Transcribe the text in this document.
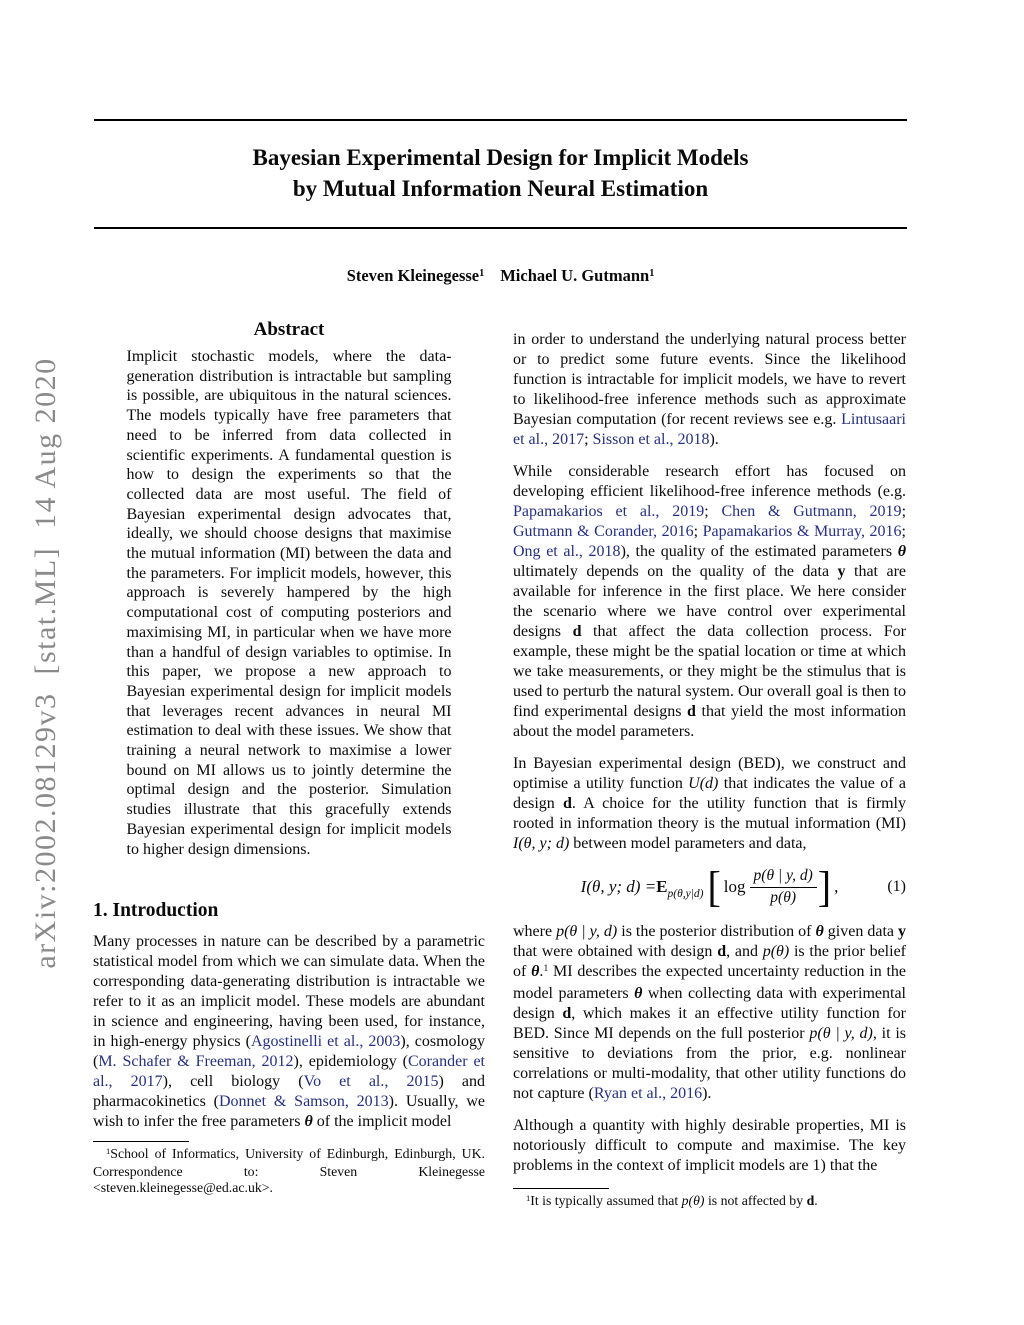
arXiv:2002.08129v3  [stat.ML]  14 Aug 2020
Bayesian Experimental Design for Implicit Models
by Mutual Information Neural Estimation
Steven Kleinegesse$^1$ Michael U. Gutmann$^1$
Abstract
Implicit stochastic models, where the data-generation distribution is intractable but sampling is possible, are ubiquitous in the natural sciences. The models typically have free parameters that need to be inferred from data collected in scientific experiments. A fundamental question is how to design the experiments so that the collected data are most useful. The field of Bayesian experimental design advocates that, ideally, we should choose designs that maximise the mutual information (MI) between the data and the parameters. For implicit models, however, this approach is severely hampered by the high computational cost of computing posteriors and maximising MI, in particular when we have more than a handful of design variables to optimise. In this paper, we propose a new approach to Bayesian experimental design for implicit models that leverages recent advances in neural MI estimation to deal with these issues. We show that training a neural network to maximise a lower bound on MI allows us to jointly determine the optimal design and the posterior. Simulation studies illustrate that this gracefully extends Bayesian experimental design for implicit models to higher design dimensions.
1. Introduction
Many processes in nature can be described by a parametric statistical model from which we can simulate data. When the corresponding data-generating distribution is intractable we refer to it as an implicit model. These models are abundant in science and engineering, having been used, for instance, in high-energy physics (Agostinelli et al., 2003), cosmology (M. Schafer & Freeman, 2012), epidemiology (Corander et al., 2017), cell biology (Vo et al., 2015) and pharmacokinetics (Donnet & Samson, 2013). Usually, we wish to infer the free parameters θ of the implicit model
$^1$School of Informatics, University of Edinburgh, Edinburgh, UK. Correspondence to: Steven Kleinegesse <steven.kleinegesse@ed.ac.uk>.
in order to understand the underlying natural process better or to predict some future events. Since the likelihood function is intractable for implicit models, we have to revert to likelihood-free inference methods such as approximate Bayesian computation (for recent reviews see e.g. Lintusaari et al., 2017; Sisson et al., 2018).
While considerable research effort has focused on developing efficient likelihood-free inference methods (e.g. Papamakarios et al., 2019; Chen & Gutmann, 2019; Gutmann & Corander, 2016; Papamakarios & Murray, 2016; Ong et al., 2018), the quality of the estimated parameters θ ultimately depends on the quality of the data y that are available for inference in the first place. We here consider the scenario where we have control over experimental designs d that affect the data collection process. For example, these might be the spatial location or time at which we take measurements, or they might be the stimulus that is used to perturb the natural system. Our overall goal is then to find experimental designs d that yield the most information about the model parameters.
In Bayesian experimental design (BED), we construct and optimise a utility function U(d) that indicates the value of a design d. A choice for the utility function that is firmly rooted in information theory is the mutual information (MI) I(θ, y; d) between model parameters and data,
I(θ, y; d) = E p(θ,y|d) [ $\log \frac{p(\theta | y, d)}{p(\theta)}$ ] ,	(1)
where p(θ | y, d) is the posterior distribution of θ given data y that were obtained with design d, and p(θ) is the prior belief of θ.$^1$ MI describes the expected uncertainty reduction in the model parameters θ when collecting data with experimental design d, which makes it an effective utility function for BED. Since MI depends on the full posterior p(θ | y, d), it is sensitive to deviations from the prior, e.g. nonlinear correlations or multi-modality, that other utility functions do not capture (Ryan et al., 2016).
Although a quantity with highly desirable properties, MI is notoriously difficult to compute and maximise. The key problems in the context of implicit models are 1) that the
$^1$It is typically assumed that p(θ) is not affected by d.
